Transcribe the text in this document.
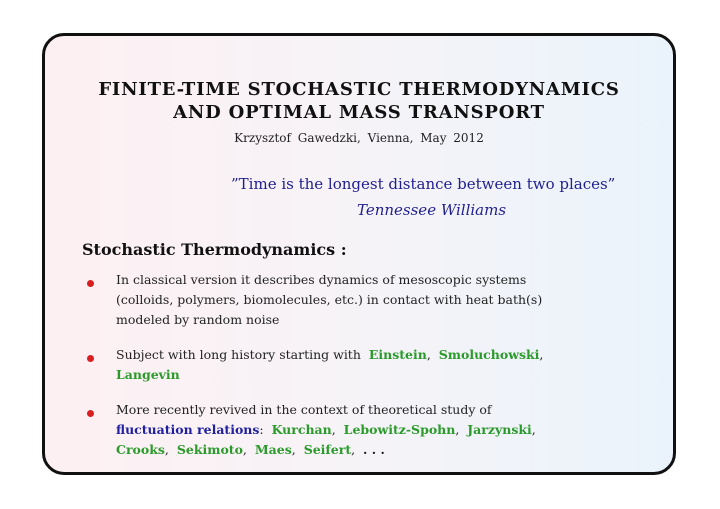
FINITE-TIME STOCHASTIC THERMODYNAMICS
AND OPTIMAL MASS TRANSPORT
Krzysztof Gawedzki, Vienna, May 2012
”Time is the longest distance between two places”
Tennessee Williams
Stochastic Thermodynamics :
In classical version it describes dynamics of mesoscopic systems
(colloids, polymers, biomolecules, etc.) in contact with heat bath(s)
modeled by random noise
Subject with long history starting with Einstein,  Smoluchowski,
Langevin
More recently revived in the context of theoretical study of
fluctuation relations:  Kurchan,  Lebowitz-Spohn,  Jarzynski,
Crooks,  Sekimoto,  Maes,  Seifert,  . . .
